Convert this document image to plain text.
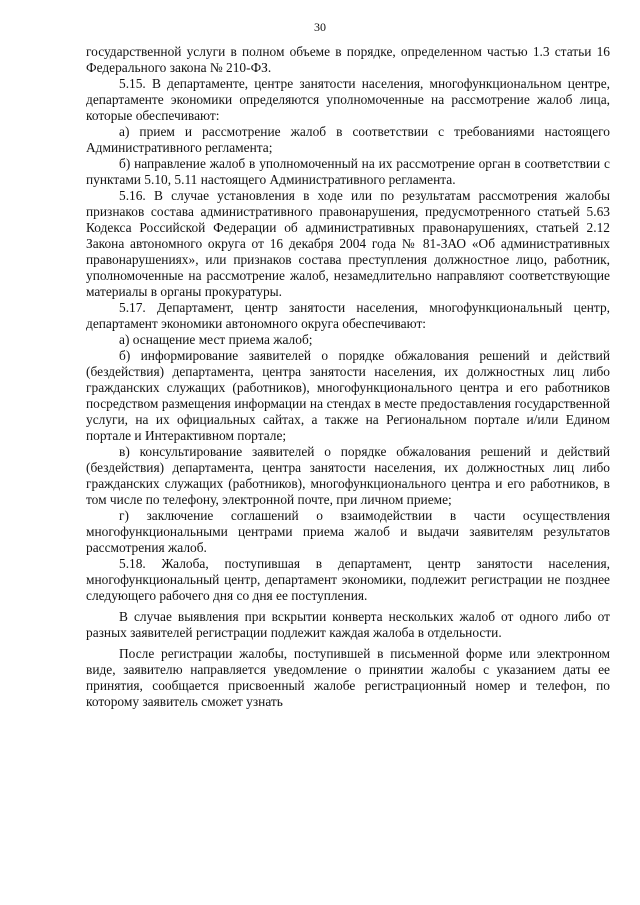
30

государственной услуги в полном объеме в порядке, определенном частью 1.3 статьи 16 Федерального закона № 210-ФЗ.

5.15. В департаменте, центре занятости населения, многофункциональном центре, департаменте экономики определяются уполномоченные на рассмотрение жалоб лица, которые обеспечивают:

а) прием и рассмотрение жалоб в соответствии с требованиями настоящего Административного регламента;

б) направление жалоб в уполномоченный на их рассмотрение орган в соответствии с пунктами 5.10, 5.11 настоящего Административного регламента.

5.16. В случае установления в ходе или по результатам рассмотрения жалобы признаков состава административного правонарушения, предусмотренного статьей 5.63 Кодекса Российской Федерации об административных правонарушениях, статьей 2.12 Закона автономного округа от 16 декабря 2004 года № 81-ЗАО «Об административных правонарушениях», или признаков состава преступления должностное лицо, работник, уполномоченные на рассмотрение жалоб, незамедлительно направляют соответствующие материалы в органы прокуратуры.

5.17. Департамент, центр занятости населения, многофункциональный центр, департамент экономики автономного округа обеспечивают:

а) оснащение мест приема жалоб;

б) информирование заявителей о порядке обжалования решений и действий (бездействия) департамента, центра занятости населения, их должностных лиц либо гражданских служащих (работников), многофункционального центра и его работников посредством размещения информации на стендах в месте предоставления государственной услуги, на их официальных сайтах, а также на Региональном портале и/или Едином портале и Интерактивном портале;

в) консультирование заявителей о порядке обжалования решений и действий (бездействия) департамента, центра занятости населения, их должностных лиц либо гражданских служащих (работников), многофункционального центра и его работников, в том числе по телефону, электронной почте, при личном приеме;

г) заключение соглашений о взаимодействии в части осуществления многофункциональными центрами приема жалоб и выдачи заявителям результатов рассмотрения жалоб.

5.18. Жалоба, поступившая в департамент, центр занятости населения, многофункциональный центр, департамент экономики, подлежит регистрации не позднее следующего рабочего дня со дня ее поступления.

В случае выявления при вскрытии конверта нескольких жалоб от одного либо от разных заявителей регистрации подлежит каждая жалоба в отдельности.

После регистрации жалобы, поступившей в письменной форме или электронном виде, заявителю направляется уведомление о принятии жалобы с указанием даты ее принятия, сообщается присвоенный жалобе регистрационный номер и телефон, по которому заявитель сможет узнать
